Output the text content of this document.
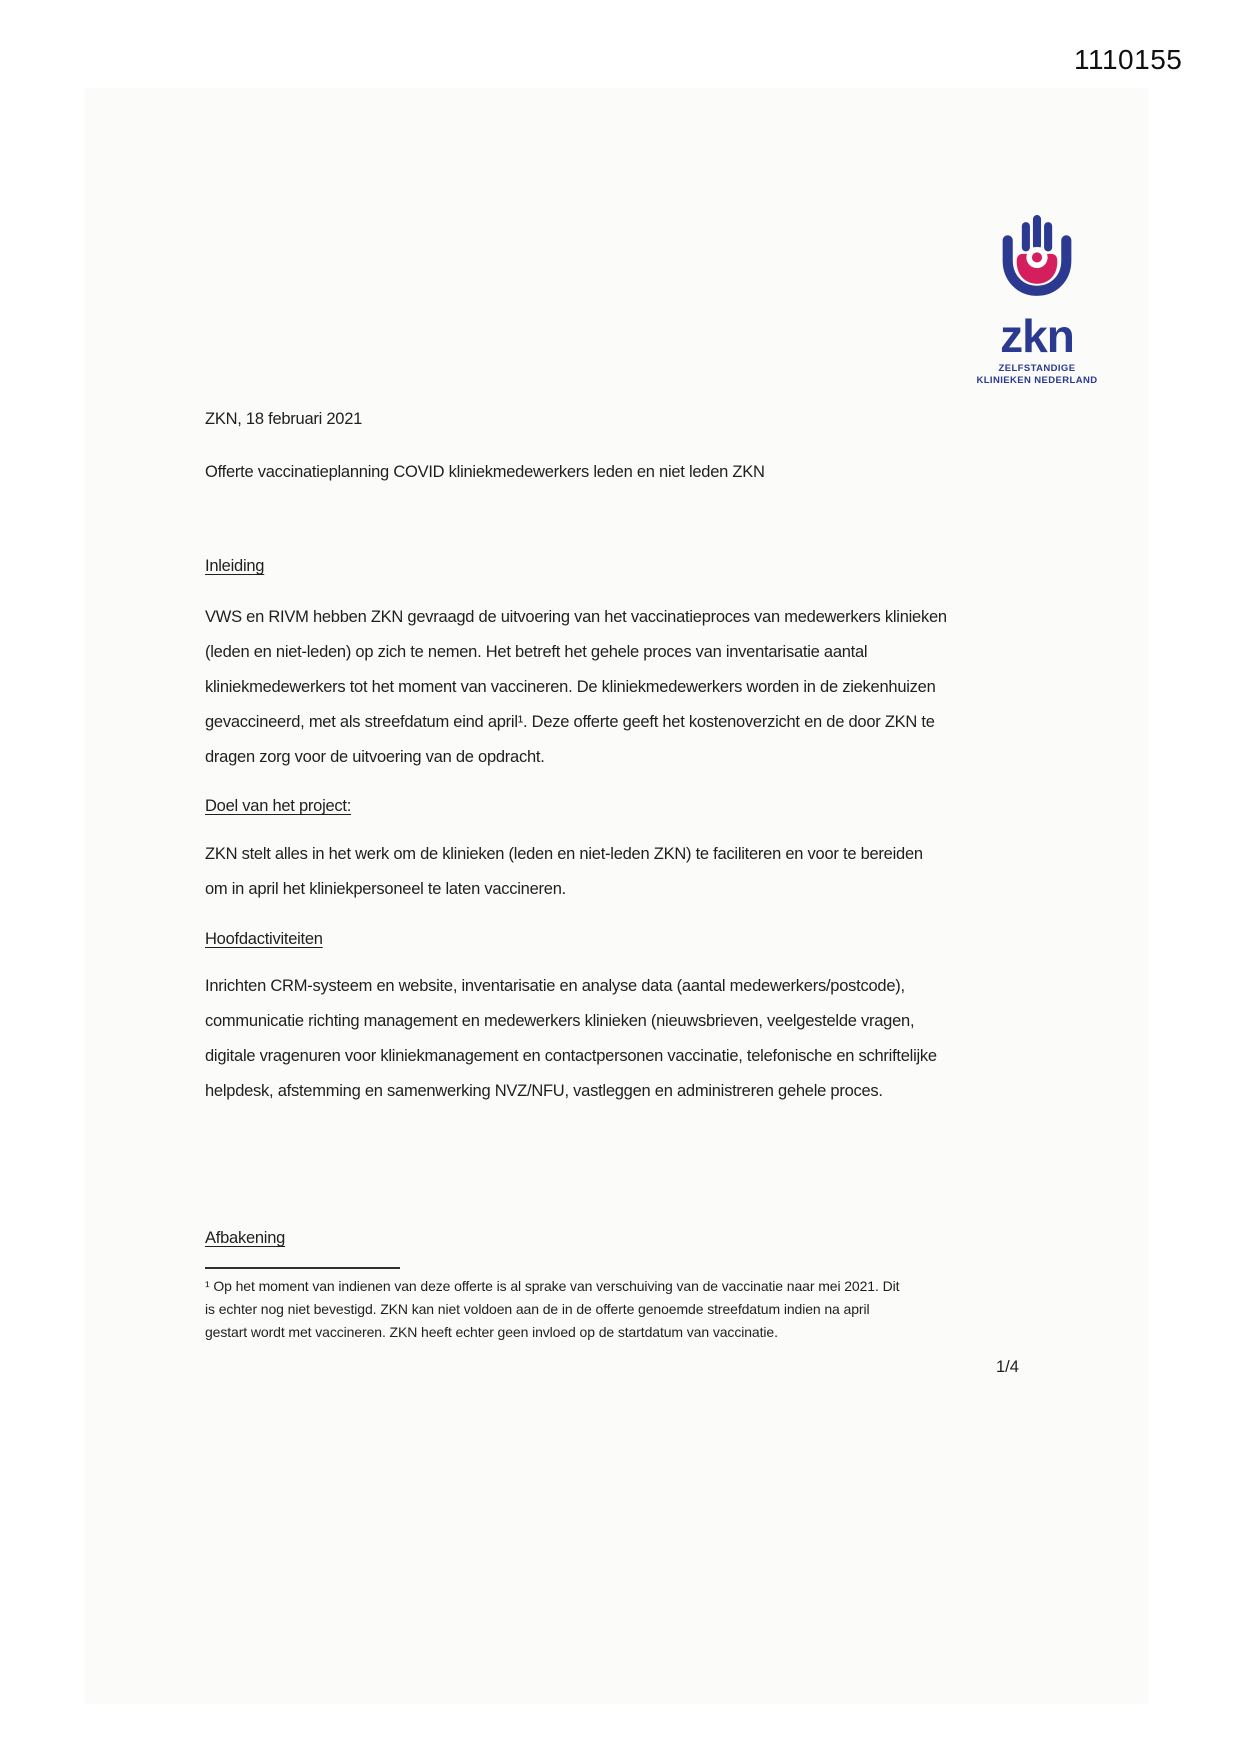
1110155
zkn
ZELFSTANDIGE
KLINIEKEN NEDERLAND
ZKN, 18 februari 2021
Offerte vaccinatieplanning COVID kliniekmedewerkers leden en niet leden ZKN
Inleiding
VWS en RIVM hebben ZKN gevraagd de uitvoering van het vaccinatieproces van medewerkers klinieken
(leden en niet-leden) op zich te nemen. Het betreft het gehele proces van inventarisatie aantal
kliniekmedewerkers tot het moment van vaccineren. De kliniekmedewerkers worden in de ziekenhuizen
gevaccineerd, met als streefdatum eind april¹. Deze offerte geeft het kostenoverzicht en de door ZKN te
dragen zorg voor de uitvoering van de opdracht.
Doel van het project:
ZKN stelt alles in het werk om de klinieken (leden en niet-leden ZKN) te faciliteren en voor te bereiden
om in april het kliniekpersoneel te laten vaccineren.
Hoofdactiviteiten
Inrichten CRM-systeem en website, inventarisatie en analyse data (aantal medewerkers/postcode),
communicatie richting management en medewerkers klinieken (nieuwsbrieven, veelgestelde vragen,
digitale vragenuren voor kliniekmanagement en contactpersonen vaccinatie, telefonische en schriftelijke
helpdesk, afstemming en samenwerking NVZ/NFU, vastleggen en administreren gehele proces.
Afbakening
¹ Op het moment van indienen van deze offerte is al sprake van verschuiving van de vaccinatie naar mei 2021. Dit
is echter nog niet bevestigd. ZKN kan niet voldoen aan de in de offerte genoemde streefdatum indien na april
gestart wordt met vaccineren. ZKN heeft echter geen invloed op de startdatum van vaccinatie.
1/4
